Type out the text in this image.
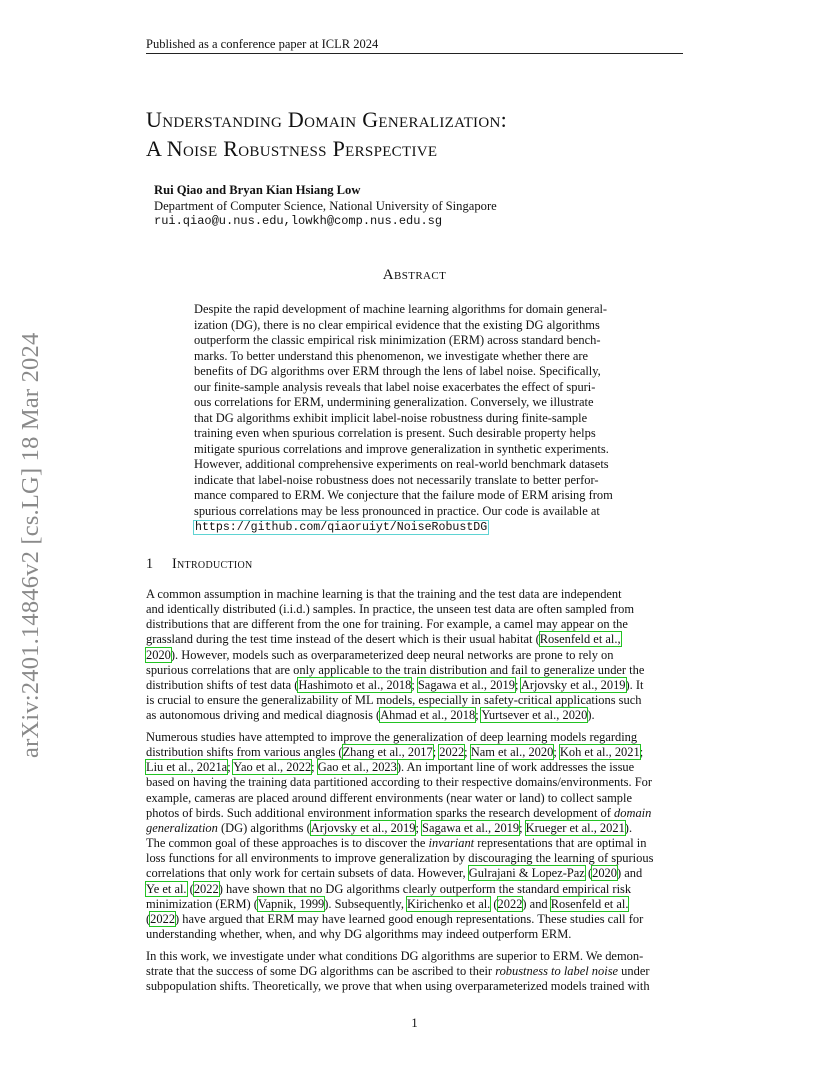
Published as a conference paper at ICLR 2024
arXiv:2401.14846v2 [cs.LG] 18 Mar 2024
Understanding Domain Generalization:
A Noise Robustness Perspective
Rui Qiao and Bryan Kian Hsiang Low
Department of Computer Science, National University of Singapore
rui.qiao@u.nus.edu,lowkh@comp.nus.edu.sg
Abstract
Despite the rapid development of machine learning algorithms for domain general-
ization (DG), there is no clear empirical evidence that the existing DG algorithms
outperform the classic empirical risk minimization (ERM) across standard bench-
marks. To better understand this phenomenon, we investigate whether there are
benefits of DG algorithms over ERM through the lens of label noise. Specifically,
our finite-sample analysis reveals that label noise exacerbates the effect of spuri-
ous correlations for ERM, undermining generalization. Conversely, we illustrate
that DG algorithms exhibit implicit label-noise robustness during finite-sample
training even when spurious correlation is present. Such desirable property helps
mitigate spurious correlations and improve generalization in synthetic experiments.
However, additional comprehensive experiments on real-world benchmark datasets
indicate that label-noise robustness does not necessarily translate to better perfor-
mance compared to ERM. We conjecture that the failure mode of ERM arising from
spurious correlations may be less pronounced in practice. Our code is available at
https://github.com/qiaoruiyt/NoiseRobustDG
1 Introduction
A common assumption in machine learning is that the training and the test data are independent
and identically distributed (i.i.d.) samples. In practice, the unseen test data are often sampled from
distributions that are different from the one for training. For example, a camel may appear on the
grassland during the test time instead of the desert which is their usual habitat (Rosenfeld et al.,
2020). However, models such as overparameterized deep neural networks are prone to rely on
spurious correlations that are only applicable to the train distribution and fail to generalize under the
distribution shifts of test data (Hashimoto et al., 2018; Sagawa et al., 2019; Arjovsky et al., 2019). It
is crucial to ensure the generalizability of ML models, especially in safety-critical applications such
as autonomous driving and medical diagnosis (Ahmad et al., 2018; Yurtsever et al., 2020).
Numerous studies have attempted to improve the generalization of deep learning models regarding
distribution shifts from various angles (Zhang et al., 2017; 2022; Nam et al., 2020; Koh et al., 2021;
Liu et al., 2021a; Yao et al., 2022; Gao et al., 2023). An important line of work addresses the issue
based on having the training data partitioned according to their respective domains/environments. For
example, cameras are placed around different environments (near water or land) to collect sample
photos of birds. Such additional environment information sparks the research development of domain
generalization (DG) algorithms (Arjovsky et al., 2019; Sagawa et al., 2019; Krueger et al., 2021).
The common goal of these approaches is to discover the invariant representations that are optimal in
loss functions for all environments to improve generalization by discouraging the learning of spurious
correlations that only work for certain subsets of data. However, Gulrajani & Lopez-Paz (2020) and
Ye et al. (2022) have shown that no DG algorithms clearly outperform the standard empirical risk
minimization (ERM) (Vapnik, 1999). Subsequently, Kirichenko et al. (2022) and Rosenfeld et al.
(2022) have argued that ERM may have learned good enough representations. These studies call for
understanding whether, when, and why DG algorithms may indeed outperform ERM.
In this work, we investigate under what conditions DG algorithms are superior to ERM. We demon-
strate that the success of some DG algorithms can be ascribed to their robustness to label noise under
subpopulation shifts. Theoretically, we prove that when using overparameterized models trained with
1
